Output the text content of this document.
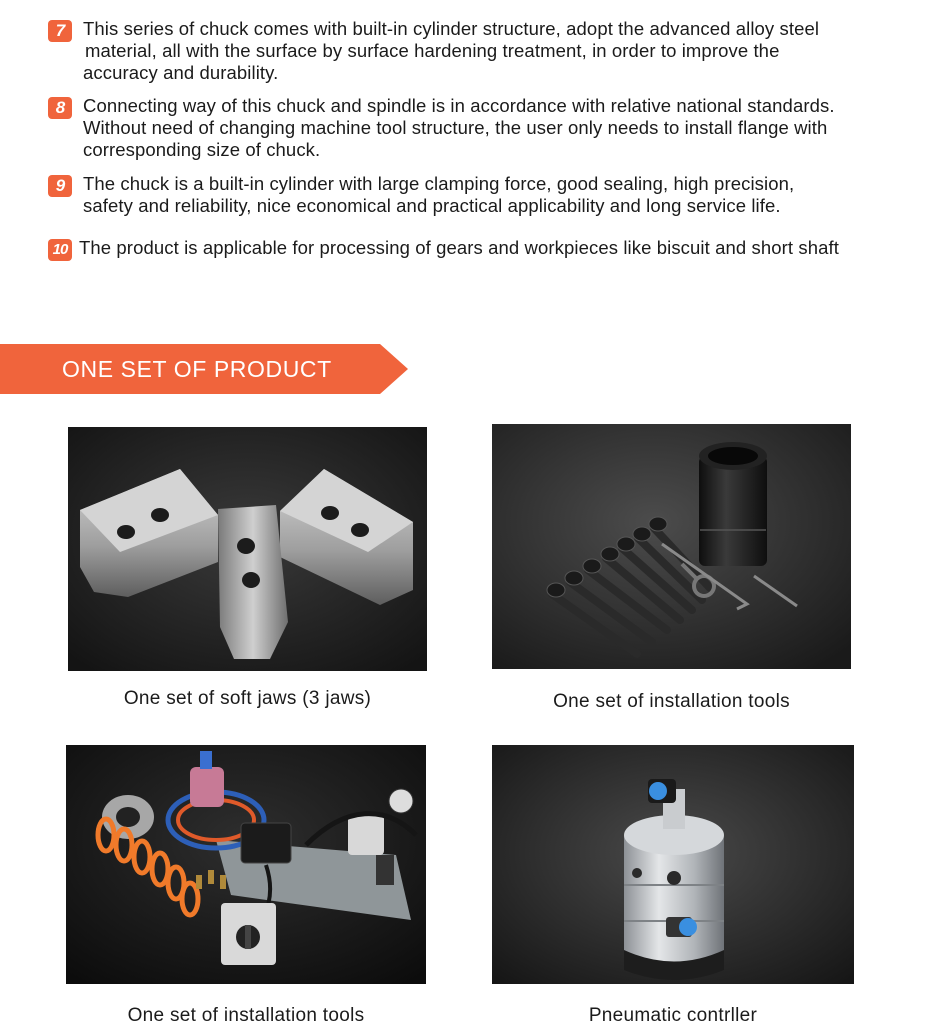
7	This series of chuck comes with built-in cylinder structure, adopt the advanced alloy steel
material, all with the surface by surface hardening treatment, in order to improve the
accuracy and durability.
8	Connecting way of this chuck and spindle is in accordance with relative national standards.
Without need of changing machine tool structure, the user only needs to install flange with
corresponding size of chuck.
9	The chuck is a built-in cylinder with large clamping force, good sealing, high precision,
safety and reliability, nice economical and practical applicability and long service life.
10 The product is applicable for processing of gears and workpieces like biscuit and short shaft
ONE SET OF PRODUCT
One set of soft jaws (3 jaws)	One set of installation tools
One set of installation tools	Pneumatic contrller
